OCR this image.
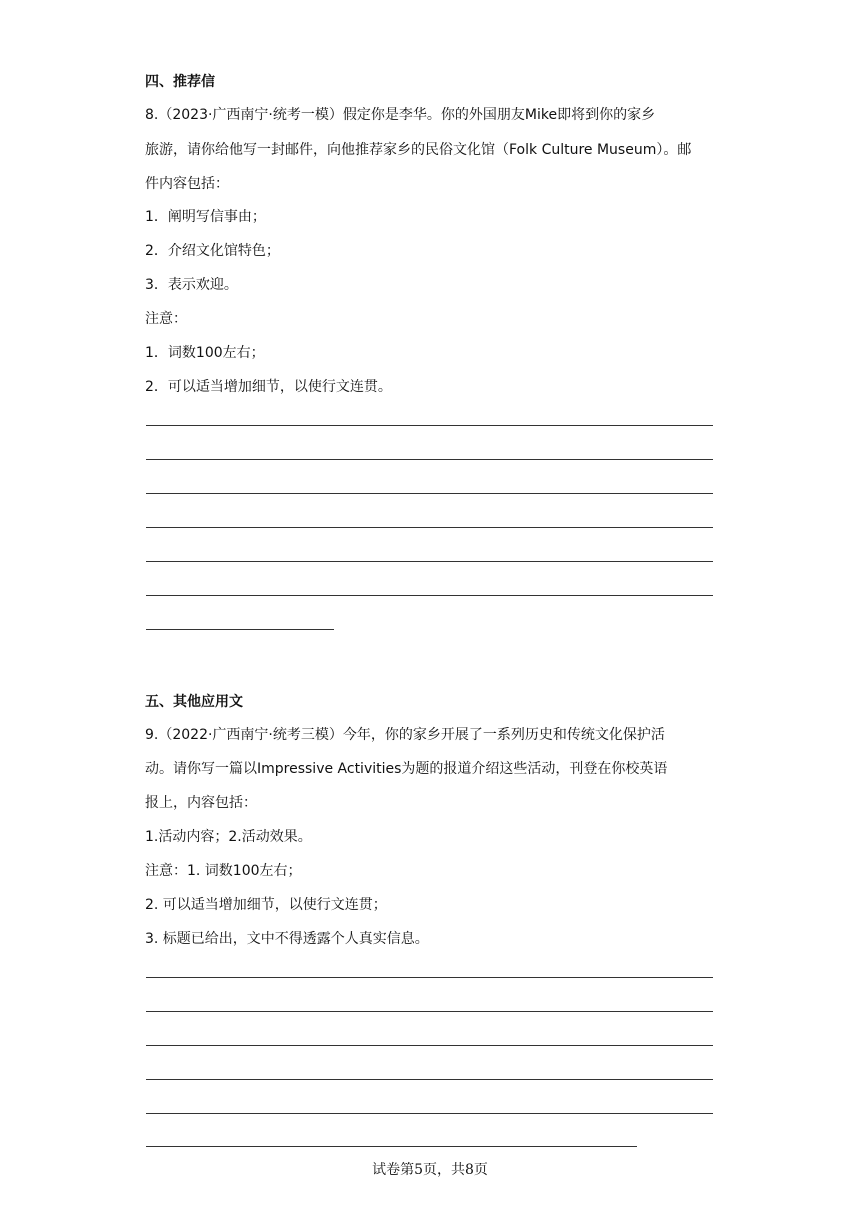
四、推荐信
8.（2023·广西南宁·统考一模）假定你是李华。你的外国朋友Mike即将到你的家乡
旅游，请你给他写一封邮件，向他推荐家乡的民俗文化馆（Folk Culture Museum）。邮
件内容包括：
1．阐明写信事由；
2．介绍文化馆特色；
3．表示欢迎。
注意：
1．词数100左右；
2．可以适当增加细节，以使行文连贯。
五、其他应用文
9.（2022·广西南宁·统考三模）今年，你的家乡开展了一系列历史和传统文化保护活
动。请你写一篇以Impressive Activities为题的报道介绍这些活动，刊登在你校英语
报上，内容包括：
1.活动内容；2.活动效果。
注意：1. 词数100左右；
2. 可以适当增加细节，以使行文连贯；
3. 标题已给出，文中不得透露个人真实信息。
试卷第5页，共8页
